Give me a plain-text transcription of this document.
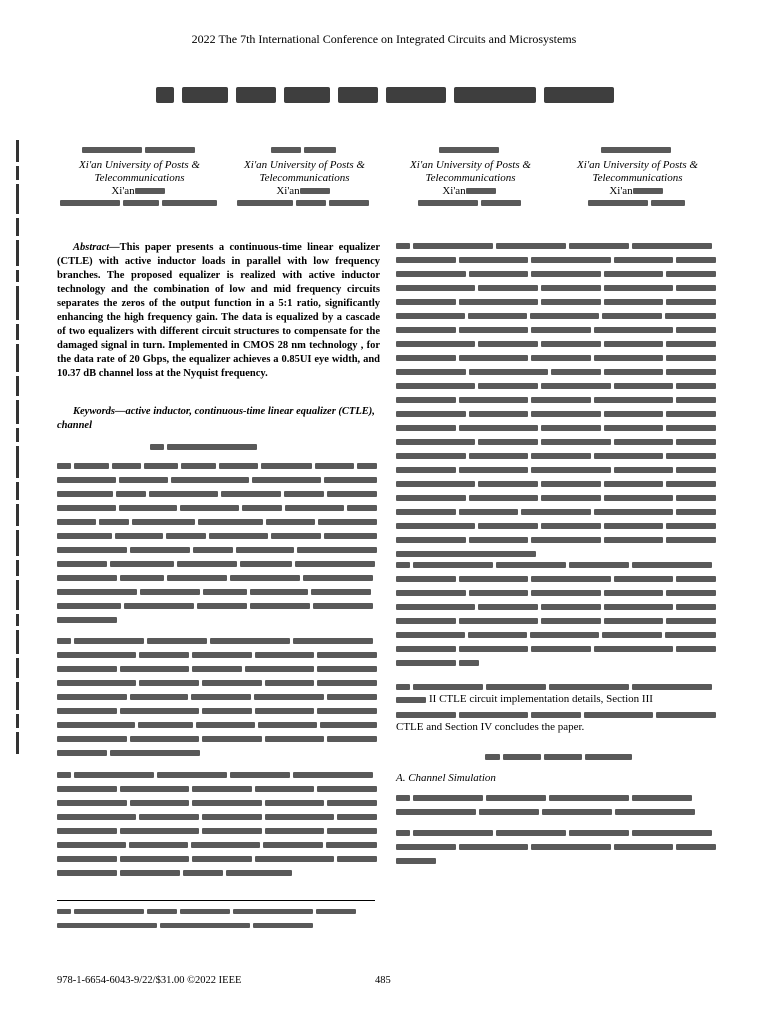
2022 The 7th International Conference on Integrated Circuits and Microsystems
Xi'an University of Posts &
Telecommunications
Xi'an
Xi'an University of Posts &
Telecommunications
Xi'an
Xi'an University of Posts &
Telecommunications
Xi'an
Xi'an University of Posts &
Telecommunications
Xi'an
Abstract—This paper presents a continuous-time linear equalizer (CTLE) with active inductor loads in parallel with low frequency branches. The proposed equalizer is realized with active inductor technology and the combination of low and mid frequency circuits separates the zeros of the output function in a 5:1 ratio, significantly enhancing the high frequency gain. The data is equalized by a cascade of two equalizers with different circuit structures to compensate for the damaged signal in turn. Implemented in CMOS 28 nm technology , for the data rate of 20 Gbps, the equalizer achieves a 0.85UI eye width, and 10.37 dB channel loss at the Nyquist frequency.
Keywords—active inductor, continuous-time linear equalizer (CTLE), channel
II CTLE circuit implementation details, Section III
CTLE and Section IV concludes the paper.
A. Channel Simulation
978-1-6654-6043-9/22/$31.00 ©2022 IEEE	485
